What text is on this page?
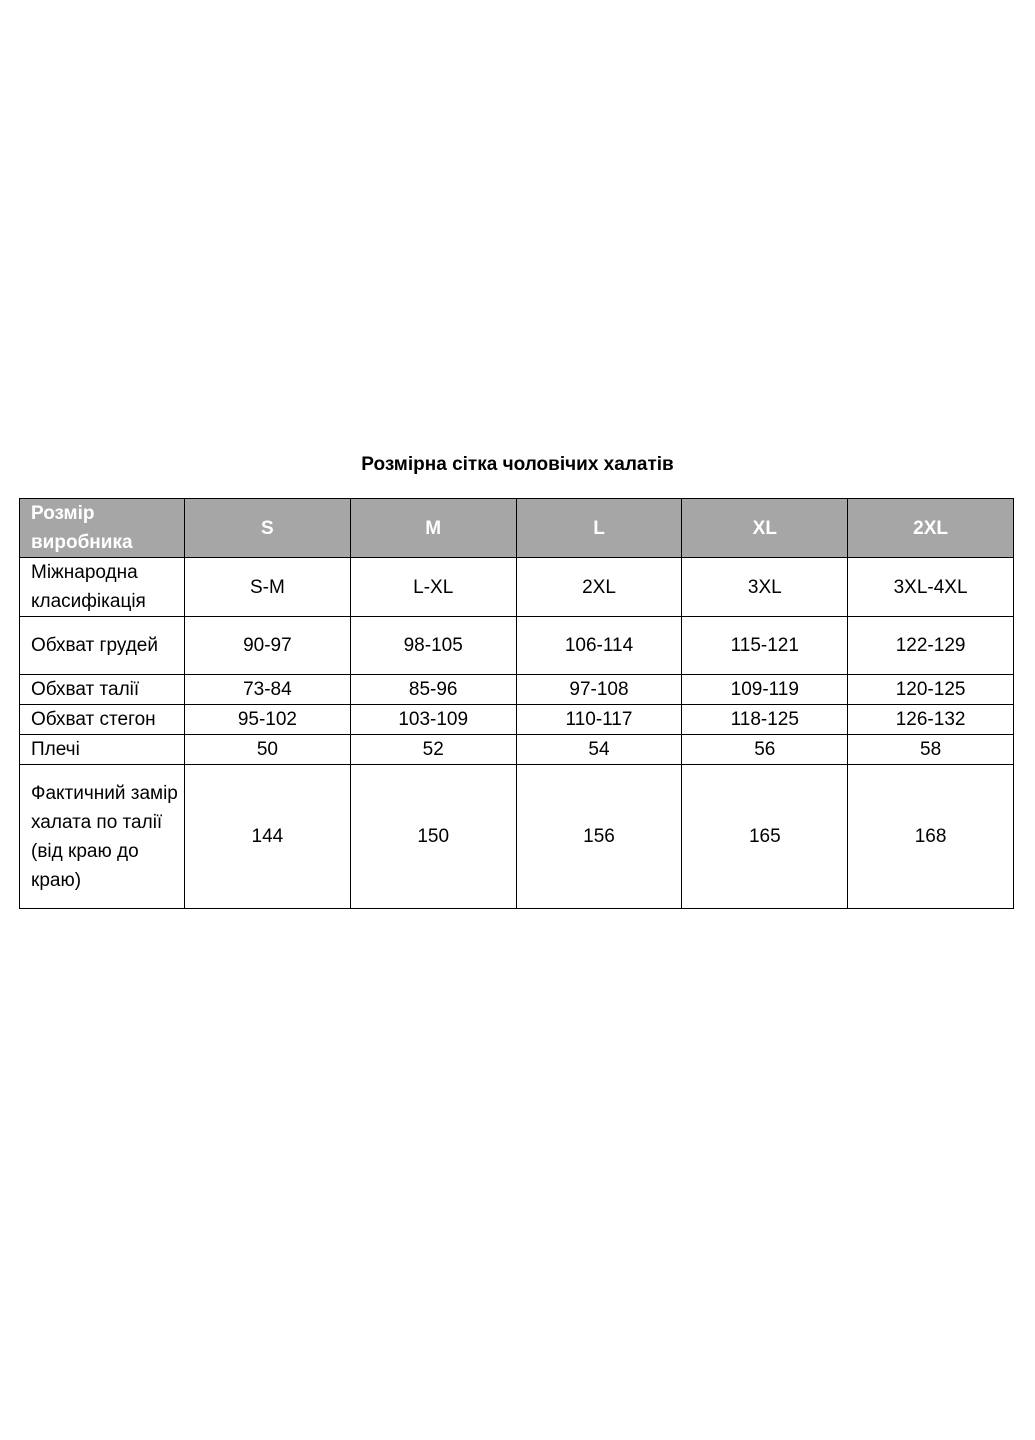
Розмірна сітка чоловічих халатів
Розмір виробника	S	M	L	XL	2XL
Міжнародна класифікація	S-M	L-XL	2XL	3XL	3XL-4XL
Обхват грудей	90-97	98-105	106-114	115-121	122-129
Обхват талії	73-84	85-96	97-108	109-119	120-125
Обхват стегон	95-102	103-109	110-117	118-125	126-132
Плечі	50	52	54	56	58
Фактичний замір халата по талії (від краю до краю)	144	150	156	165	168
